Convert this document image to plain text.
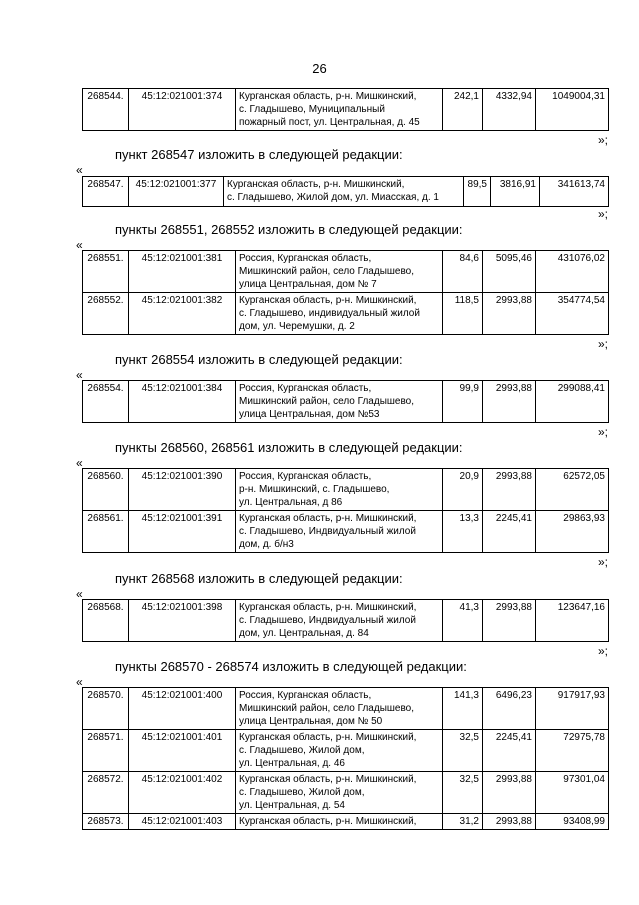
26
268544.	45:12:021001:374	Курганская область, р-н. Мишкинский,
с. Гладышево, Муниципальный
пожарный пост, ул. Центральная, д. 45
	242,1	4332,94	1049004,31
»;
пункт 268547 изложить в следующей редакции:
«
268547.	45:12:021001:377	Курганская область, р-н. Мишкинский,
с. Гладышево, Жилой дом, ул. Миасская, д. 1
	89,5	3816,91	341613,74
»;
пункты 268551, 268552 изложить в следующей редакции:
«
268551.	45:12:021001:381	Россия, Курганская область,
Мишкинский район, село Гладышево,
улица Центральная, дом № 7	84,6	5095,46	431076,02
268552.	45:12:021001:382	Курганская область, р-н. Мишкинский,
с. Гладышево, индивидуальный жилой
дом, ул. Черемушки, д. 2	118,5	2993,88	354774,54
»;
пункт 268554 изложить в следующей редакции:
«
268554.	45:12:021001:384	Россия, Курганская область,
Мишкинский район, село Гладышево,
улица Центральная, дом №53
	99,9	2993,88	299088,41
»;
пункты 268560, 268561 изложить в следующей редакции:
«
268560.	45:12:021001:390	Россия, Курганская область,
р-н. Мишкинский, с. Гладышево,
ул. Центральная, д 86	20,9	2993,88	62572,05
268561.	45:12:021001:391	Курганская область, р-н. Мишкинский,
с. Гладышево, Индвидуальный жилой
дом, д. б/н3	13,3	2245,41	29863,93
»;
пункт 268568 изложить в следующей редакции:
«
268568.	45:12:021001:398	Курганская область, р-н. Мишкинский,
с. Гладышево, Индвидуальный жилой
дом, ул. Центральная, д. 84
	41,3	2993,88	123647,16
»;
пункты 268570 - 268574 изложить в следующей редакции:
«
268570.	45:12:021001:400	Россия, Курганская область,
Мишкинский район, село Гладышево,
улица Центральная, дом № 50	141,3	6496,23	917917,93
268571.	45:12:021001:401	Курганская область, р-н. Мишкинский,
с. Гладышево, Жилой дом,
ул. Центральная, д. 46	32,5	2245,41	72975,78
268572.	45:12:021001:402	Курганская область, р-н. Мишкинский,
с. Гладышево, Жилой дом,
ул. Центральная, д. 54	32,5	2993,88	97301,04
268573.	45:12:021001:403	Курганская область, р-н. Мишкинский,	31,2	2993,88	93408,99
